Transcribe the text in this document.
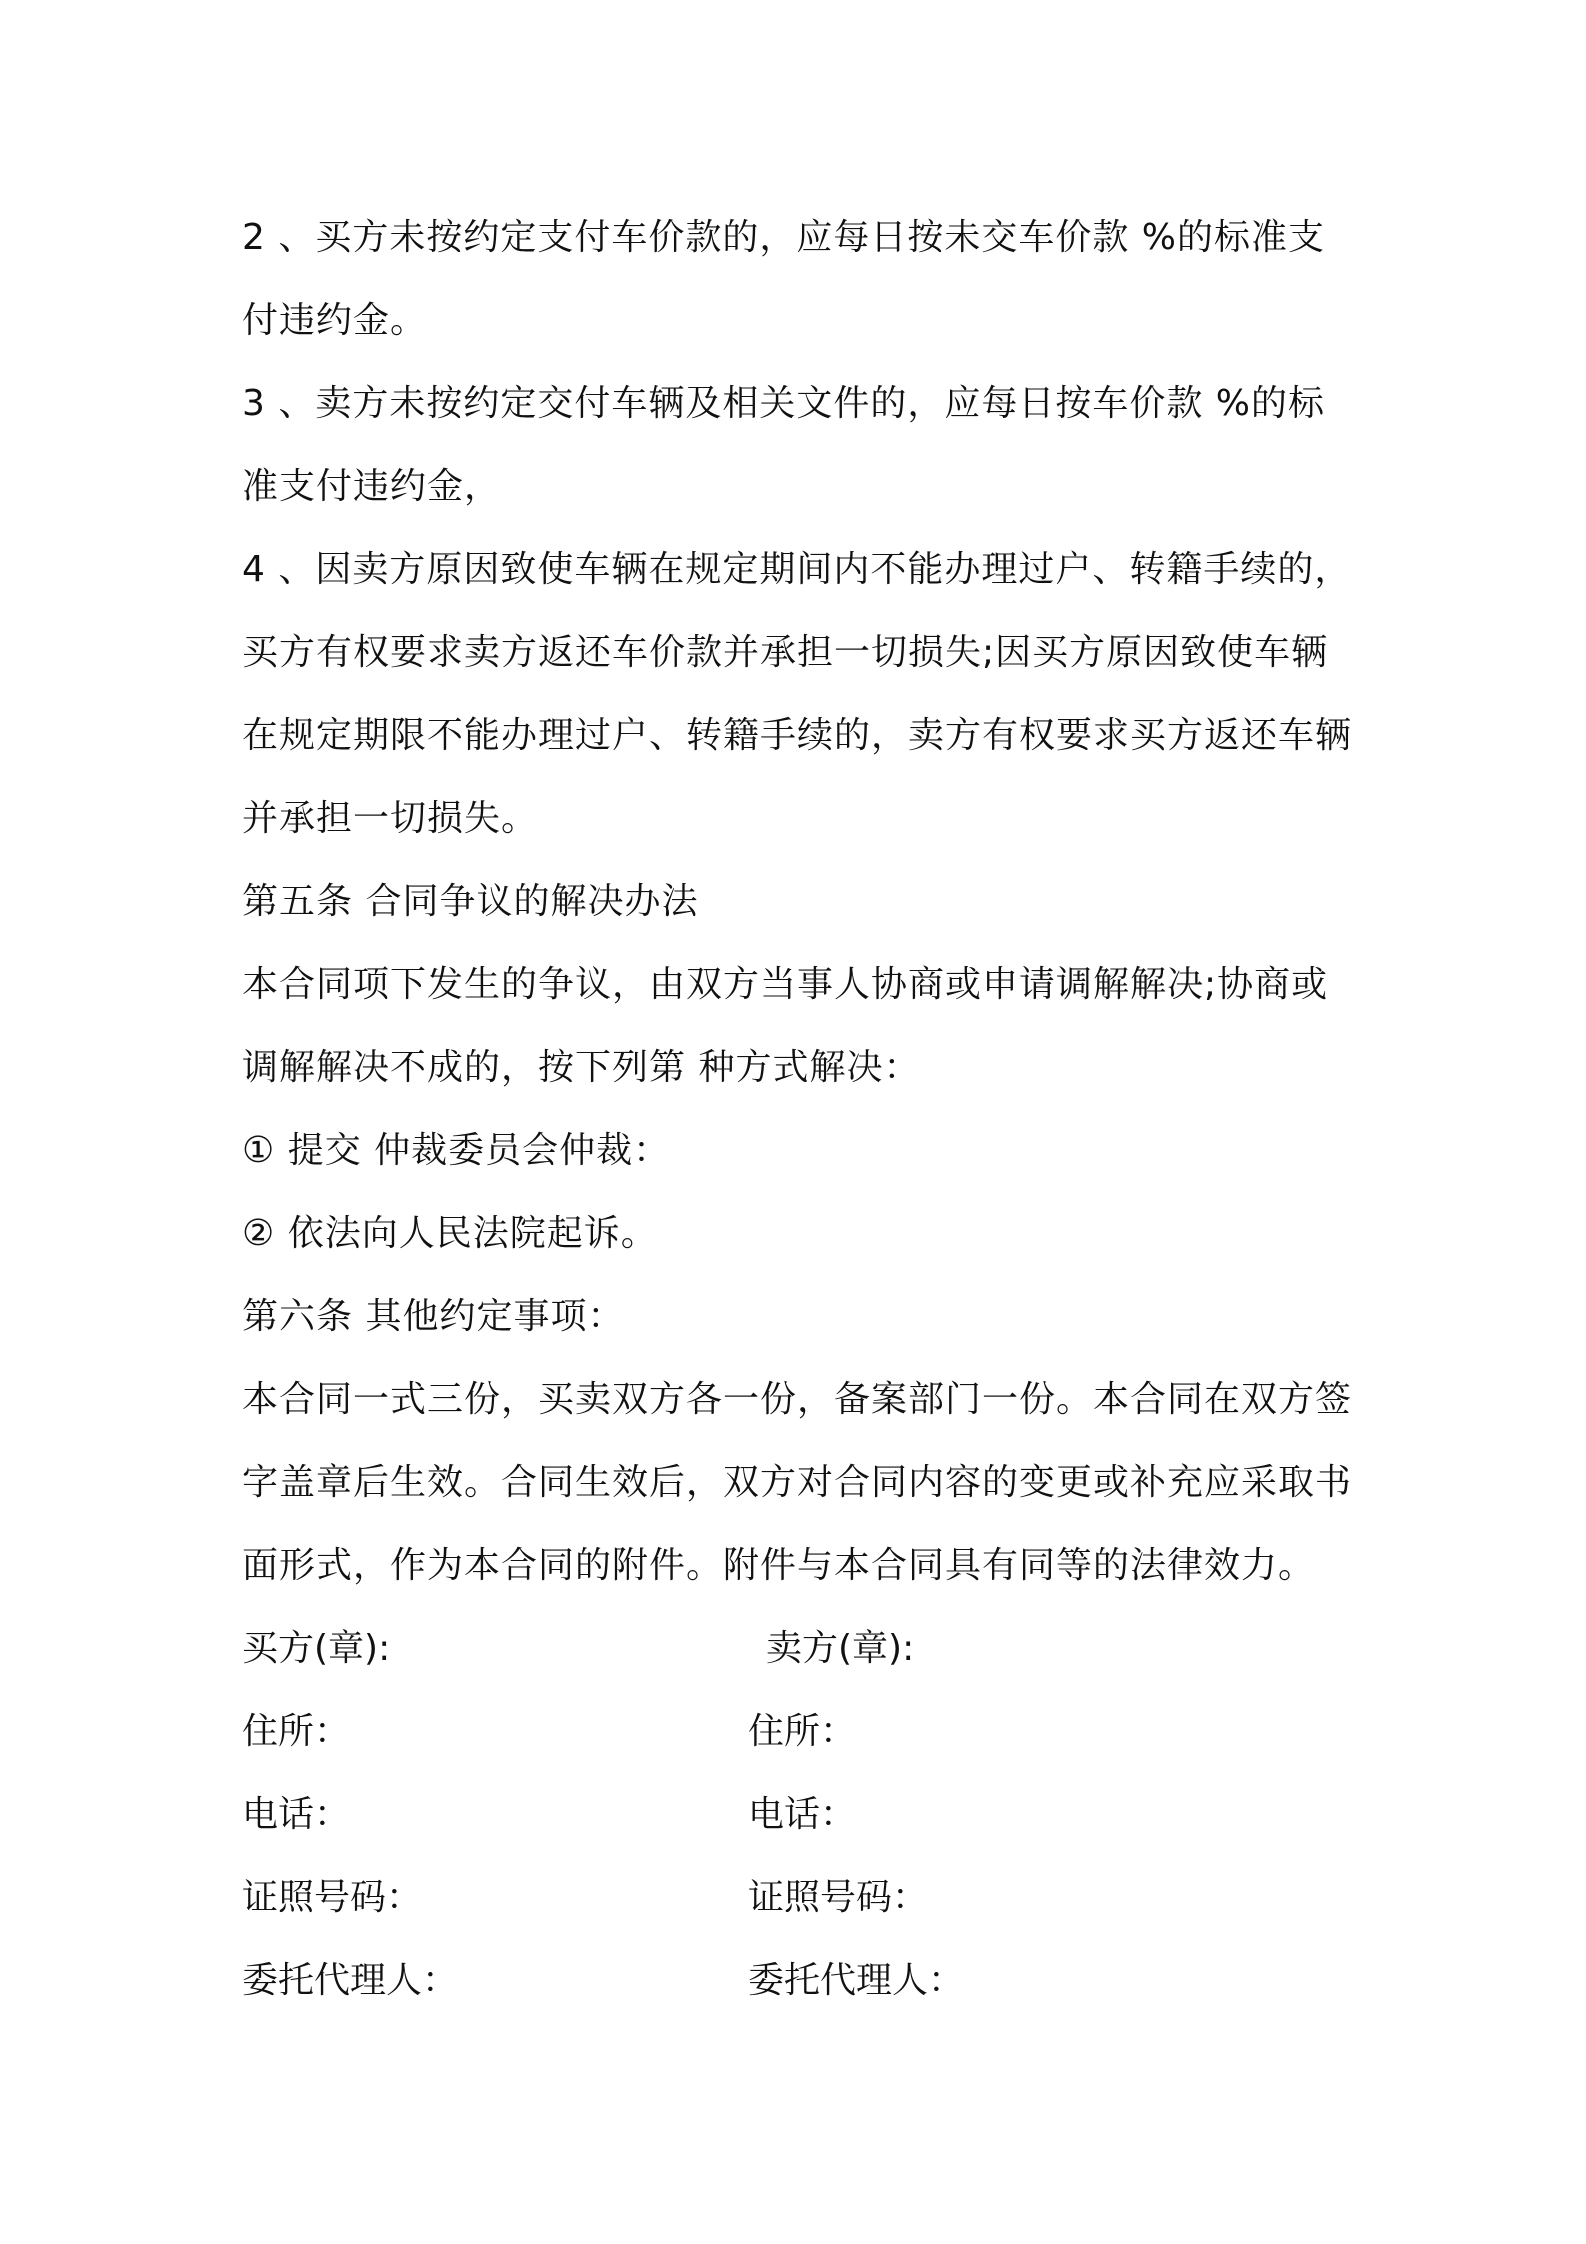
2 、买方未按约定支付车价款的，应每日按未交车价款 %的标准支
付违约金。
3 、卖方未按约定交付车辆及相关文件的，应每日按车价款 %的标
准支付违约金，
4 、因卖方原因致使车辆在规定期间内不能办理过户、转籍手续的，
买方有权要求卖方返还车价款并承担一切损失;因买方原因致使车辆
在规定期限不能办理过户、转籍手续的，卖方有权要求买方返还车辆
并承担一切损失。
第五条 合同争议的解决办法
本合同项下发生的争议，由双方当事人协商或申请调解解决;协商或
调解解决不成的，按下列第 种方式解决：
① 提交 仲裁委员会仲裁：
② 依法向人民法院起诉。
第六条 其他约定事项：
本合同一式三份，买卖双方各一份，备案部门一份。本合同在双方签
字盖章后生效。合同生效后，双方对合同内容的变更或补充应采取书
面形式，作为本合同的附件。附件与本合同具有同等的法律效力。
买方(章):	卖方(章):
住所：	住所：
电话：	电话：
证照号码：	证照号码：
委托代理人：	委托代理人：
